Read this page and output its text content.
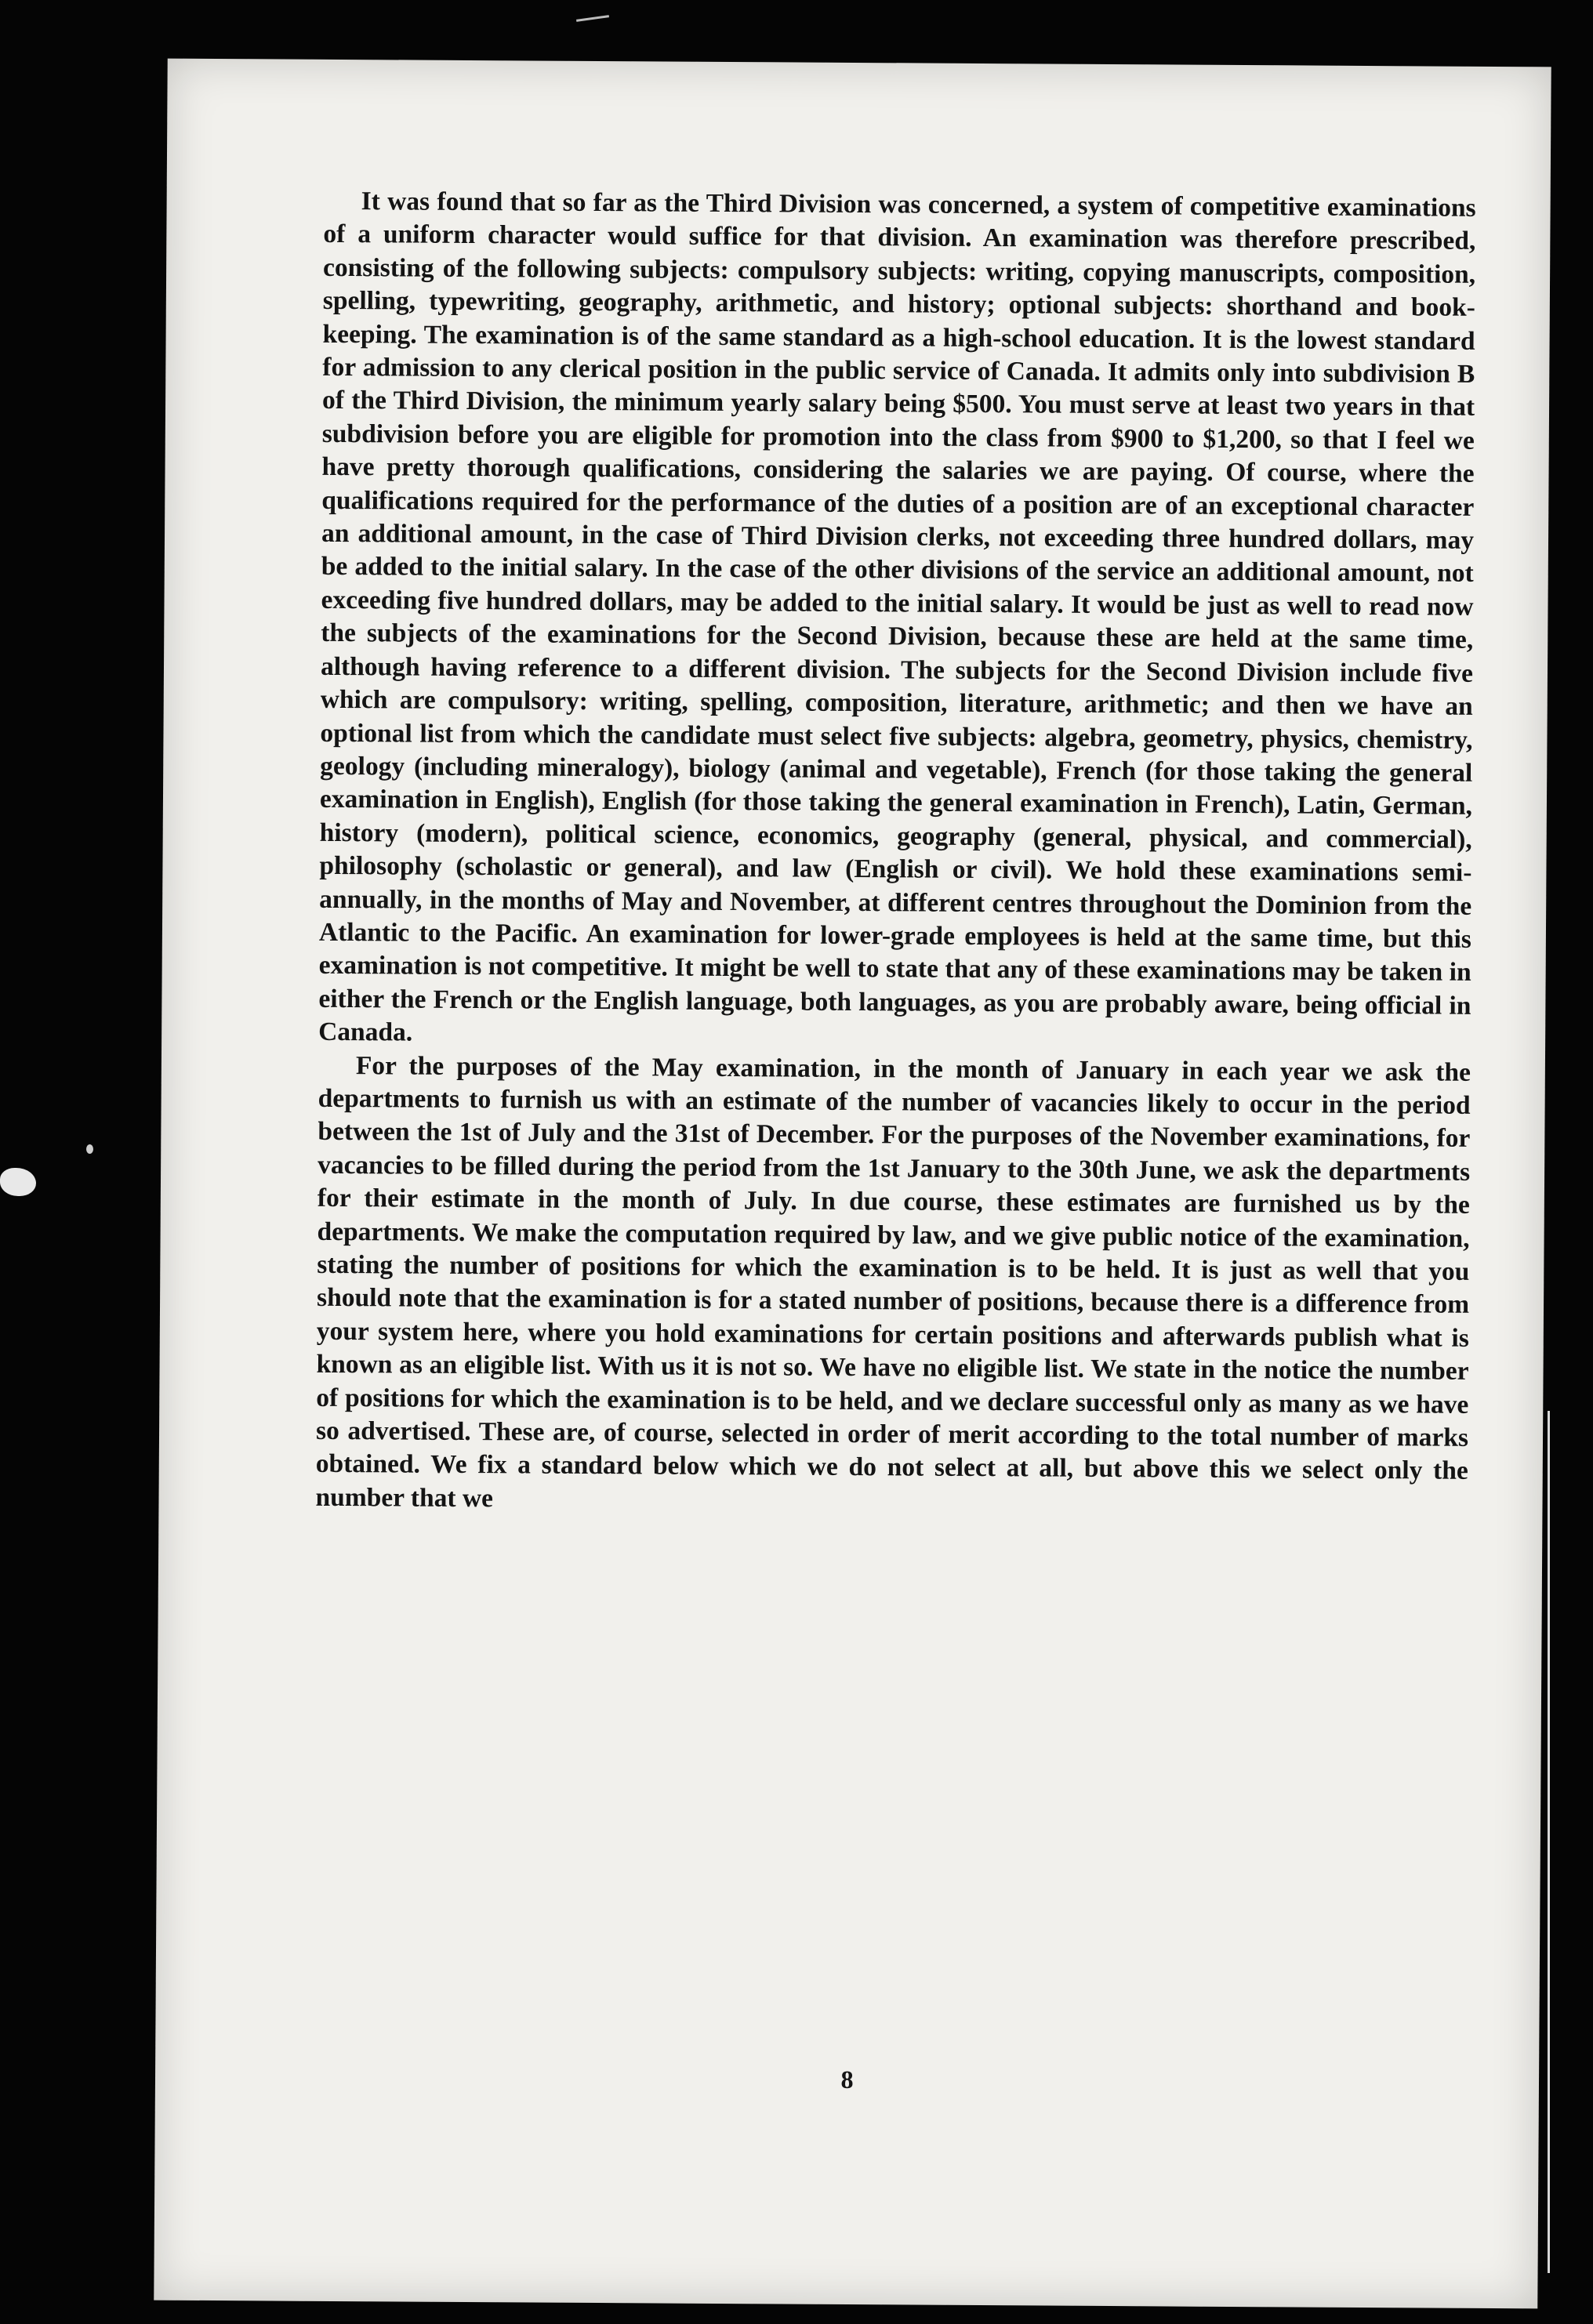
It was found that so far as the Third Division was concerned, a system of competitive examinations of a uniform character would suffice for that division. An examination was therefore prescribed, consisting of the following subjects: compulsory subjects: writing, copying manuscripts, composition, spelling, typewriting, geography, arithmetic, and history; optional subjects: shorthand and book-keeping. The examination is of the same standard as a high-school education. It is the lowest standard for admission to any clerical position in the public service of Canada. It admits only into subdivision B of the Third Division, the minimum yearly salary being $500. You must serve at least two years in that subdivision before you are eligible for promotion into the class from $900 to $1,200, so that I feel we have pretty thorough qualifications, considering the salaries we are paying. Of course, where the qualifications required for the performance of the duties of a position are of an exceptional character an additional amount, in the case of Third Division clerks, not exceeding three hundred dollars, may be added to the initial salary. In the case of the other divisions of the service an additional amount, not exceeding five hundred dollars, may be added to the initial salary. It would be just as well to read now the subjects of the examinations for the Second Division, because these are held at the same time, although having reference to a different division. The subjects for the Second Division include five which are compulsory: writing, spelling, composition, literature, arithmetic; and then we have an optional list from which the candidate must select five subjects: algebra, geometry, physics, chemistry, geology (including mineralogy), biology (animal and vegetable), French (for those taking the general examination in English), English (for those taking the general examination in French), Latin, German, history (modern), political science, economics, geography (general, physical, and commercial), philosophy (scholastic or general), and law (English or civil). We hold these examinations semi-annually, in the months of May and November, at different centres throughout the Dominion from the Atlantic to the Pacific. An examination for lower-grade employees is held at the same time, but this examination is not competitive. It might be well to state that any of these examinations may be taken in either the French or the English language, both languages, as you are probably aware, being official in Canada.

For the purposes of the May examination, in the month of January in each year we ask the departments to furnish us with an estimate of the number of vacancies likely to occur in the period between the 1st of July and the 31st of December. For the purposes of the November examinations, for vacancies to be filled during the period from the 1st January to the 30th June, we ask the departments for their estimate in the month of July. In due course, these estimates are furnished us by the departments. We make the computation required by law, and we give public notice of the examination, stating the number of positions for which the examination is to be held. It is just as well that you should note that the examination is for a stated number of positions, because there is a difference from your system here, where you hold examinations for certain positions and afterwards publish what is known as an eligible list. With us it is not so. We have no eligible list. We state in the notice the number of positions for which the examination is to be held, and we declare successful only as many as we have so advertised. These are, of course, selected in order of merit according to the total number of marks obtained. We fix a standard below which we do not select at all, but above this we select only the number that we

8
